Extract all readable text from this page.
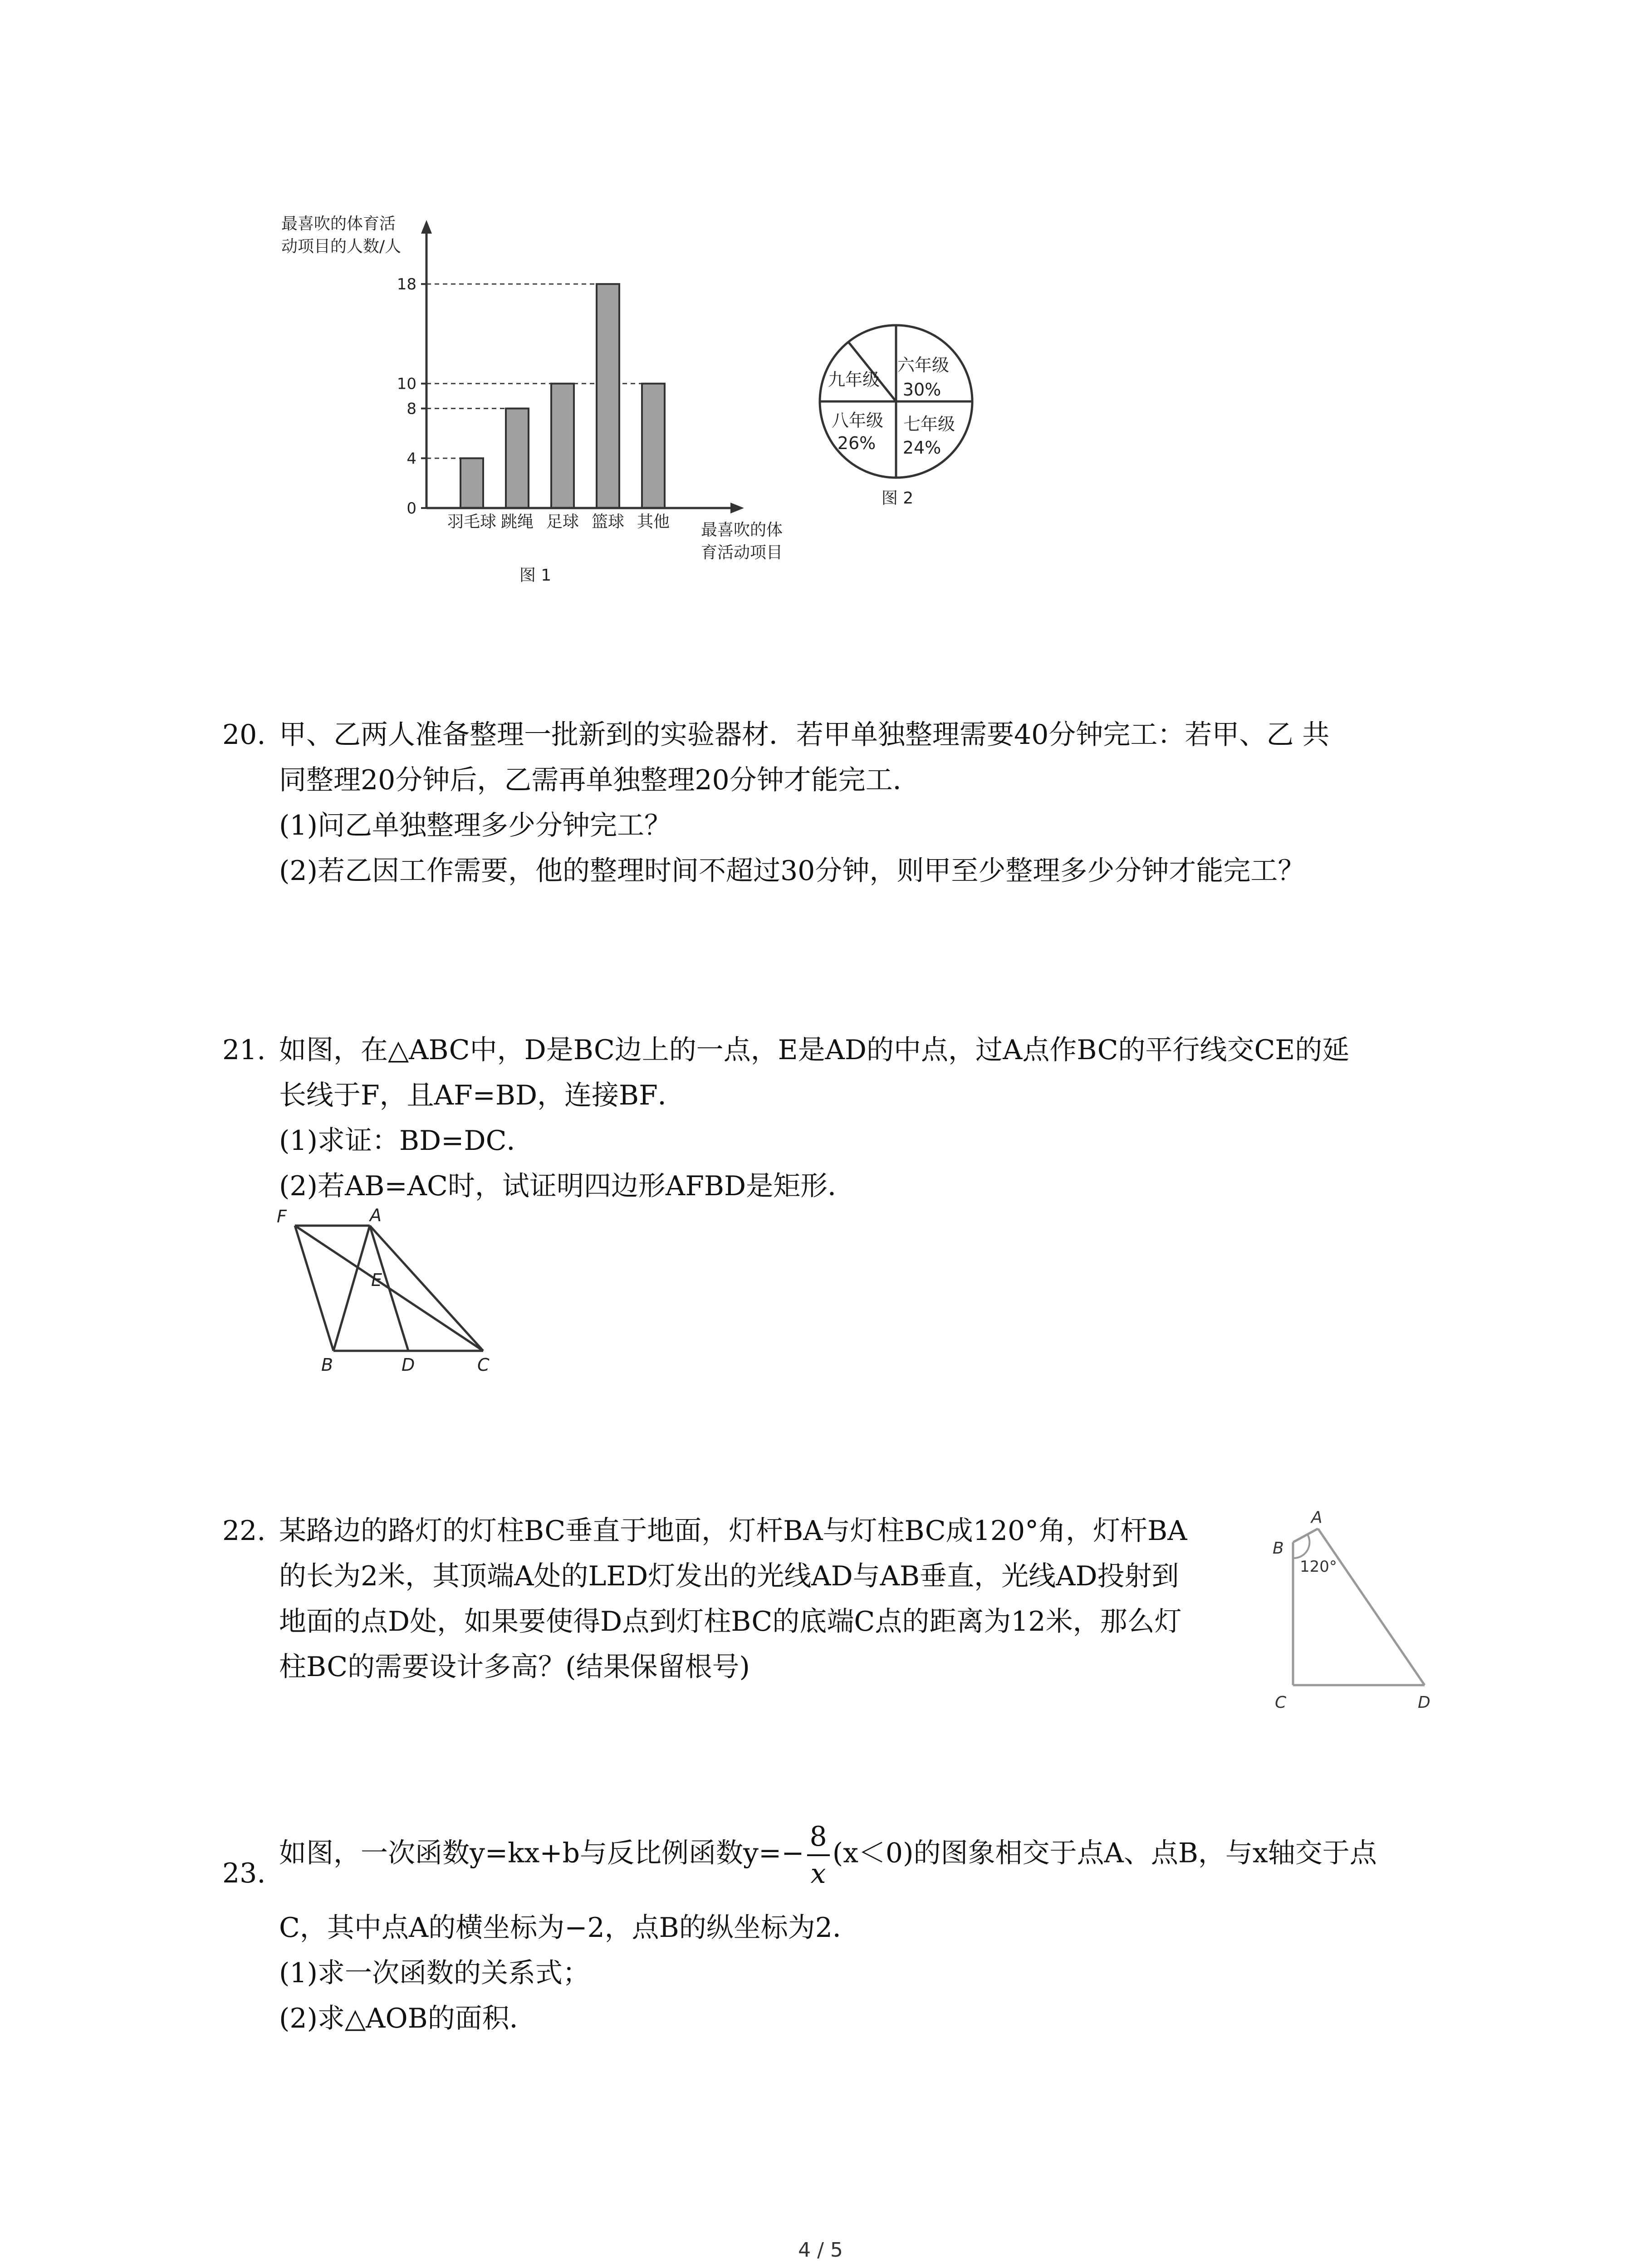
最喜吹的体育活
动项目的人数/人
0
4
8
10
18
羽毛球 跳绳 足球 篮球 其他 最喜吹的体
育活动项目
图 1
六年级
30%
九年级
八年级
26%
七年级
24%
图 2
20. 甲、乙两人准备整理一批新到的实验器材．若甲单独整理需要40分钟完工：若甲、乙 共
同整理20分钟后，乙需再单独整理20分钟才能完工．
(1)问乙单独整理多少分钟完工？
(2)若乙因工作需要，他的整理时间不超过30分钟，则甲至少整理多少分钟才能完工？
21. 如图，在△ABC中，D是BC边上的一点，E是AD的中点，过A点作BC的平行线交CE的延
长线于F，且AF=BD，连接BF．
(1)求证：BD=DC．
(2)若AB=AC时，试证明四边形AFBD是矩形．
F	A
E
B	D	C
22. 某路边的路灯的灯柱BC垂直于地面，灯杆BA与灯柱BC成120°角，灯杆BA
的长为2米，其顶端A处的LED灯发出的光线AD与AB垂直，光线AD投射到
地面的点D处，如果要使得D点到灯柱BC的底端C点的距离为12米，那么灯
柱BC的需要设计多高？(结果保留根号)
A
B
120°
C	D
23.
如图，一次函数y=kx+b与反比例函数$y=- \frac{8}{x} (x<0)$的图象相交于点A、点B，与x轴交于点
C，其中点A的横坐标为−2，点B的纵坐标为2．
(1)求一次函数的关系式；
(2)求△AOB的面积．
4 / 5
